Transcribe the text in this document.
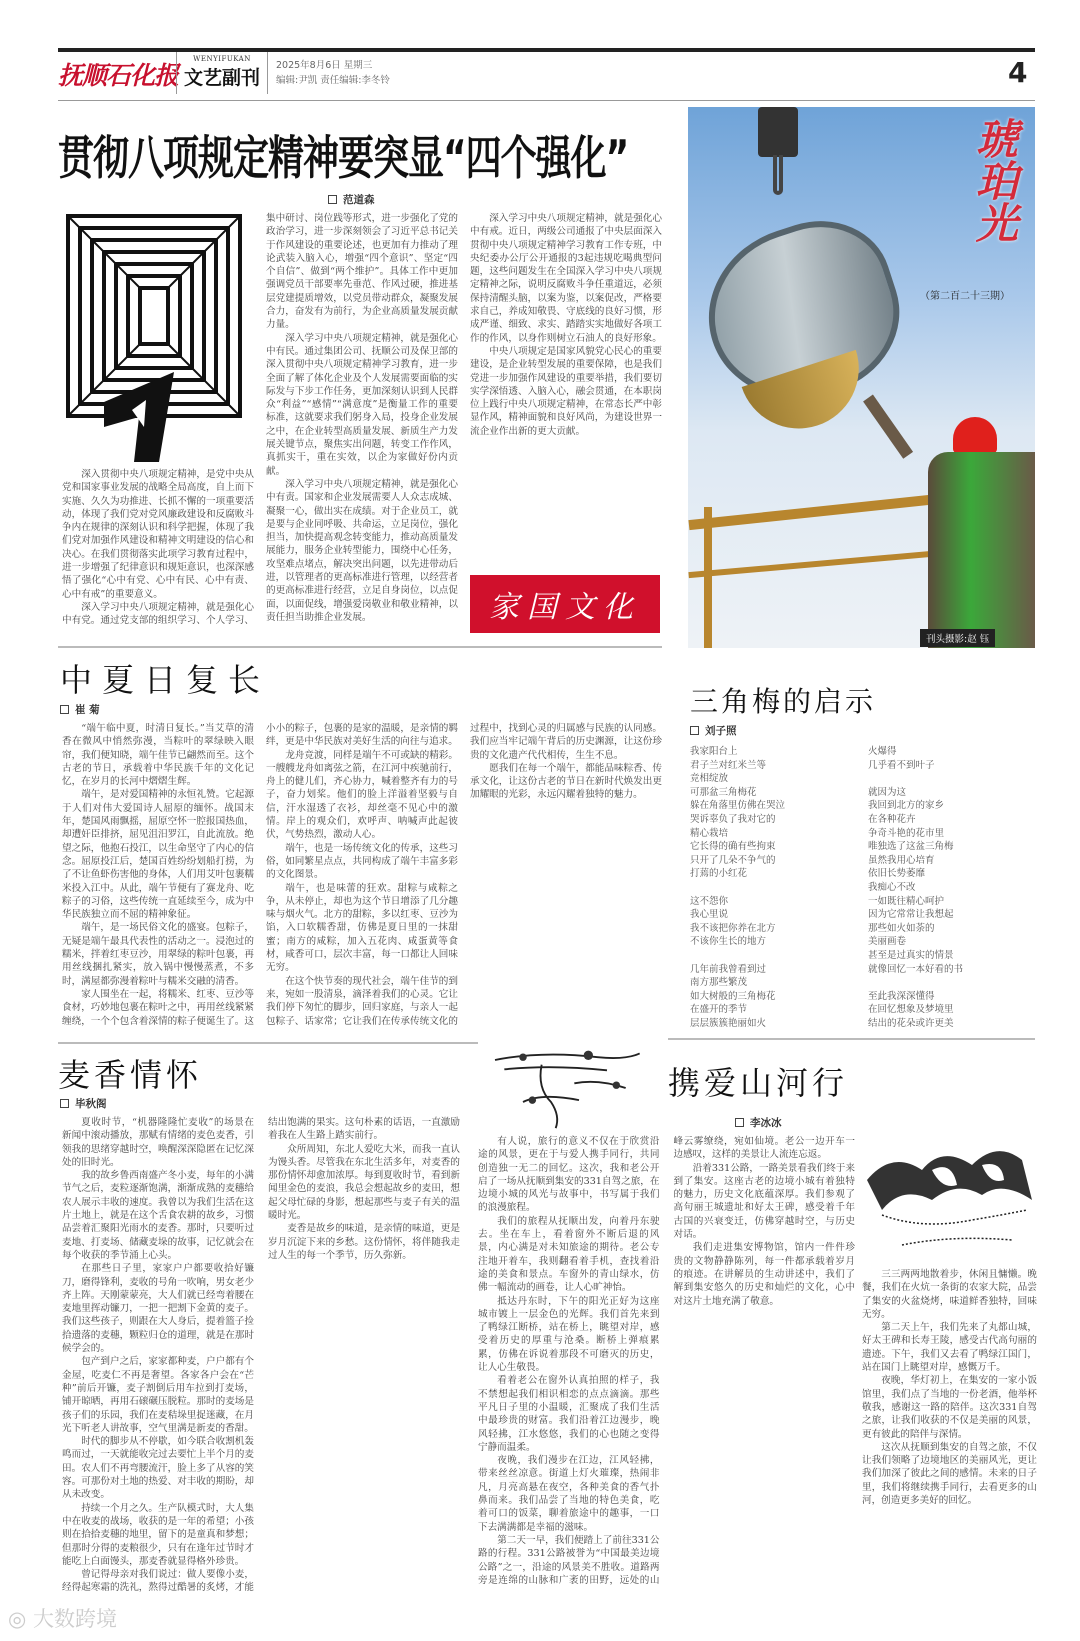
抚顺石化报
WENYIFUKAN
文艺副刊
2025年8月6日 星期三
编辑:尹凯 责任编辑:李冬铃	4
贯彻八项规定精神要突显“四个强化”
范道森

深入贯彻中央八项规定精神，是党中央从党和国家事业发展的战略全局高度，自上而下实施、久久为功推进、长抓不懈的一项重要活动，体现了我们党对党风廉政建设和反腐败斗争内在规律的深刻认识和科学把握，体现了我们党对加强作风建设和精神文明建设的信心和决心。在我们贯彻落实此项学习教育过程中，进一步增强了纪律意识和规矩意识，也深深感悟了强化“心中有党、心中有民、心中有责、心中有戒”的重要意义。

深入学习中央八项规定精神，就是强化心中有党。通过党支部的组织学习、个人学习、集中研讨、岗位践等形式，进一步强化了党的政治学习，进一步深刻领会了习近平总书记关于作风建设的重要论述，也更加有力推动了理论武装入脑入心，增强“四个意识”、坚定“四个自信”、做到“两个维护”。具体工作中更加强调党员干部要率先垂范、作风过硬，推进基层党建提质增效，以党员带动群众，凝聚发展合力，奋发有为前行，为企业高质量发展贡献力量。

深入学习中央八项规定精神，就是强化心中有民。通过集团公司、抚顺公司及保卫部的深入贯彻中央八项规定精神学习教育，进一步全面了解了体化企业及个人发展需要面临的实际发与下步工作任务，更加深刻认识到人民群众“利益”“感情”“满意度”是衡量工作的重要标准，这就要求我们躬身入局，投身企业发展之中，在企业转型高质量发展、新质生产力发展关键节点，聚焦实出问题，转变工作作风，真抓实干，重在实效，以企为家做好份内贡献。

深入学习中央八项规定精神，就是强化心中有责。国家和企业发展需要人人众志成城、凝聚一心，做出实在成绩。对于企业员工，就是要与企业同呼吸、共命运，立足岗位，强化担当，加快提高观念转变能力，推动高质量发展能力，服务企业转型能力，围绕中心任务，攻坚难点堵点，解决突出问题，以先进带动后进，以管理者的更高标准进行管理，以经营者的更高标准进行经营，立足自身岗位，以点促面，以面促线，增强爱岗敬业和敬业精神，以责任担当助推企业发展。

深入学习中央八项规定精神，就是强化心中有戒。近日，两级公司通报了中央层面深入贯彻中央八项规定精神学习教育工作专班，中央纪委办公厅公开通报的3起违规吃喝典型问题，这些问题发生在全国深入学习中央八项规定精神之际，说明反腐败斗争任重道远，必须保持清醒头脑，以案为鉴，以案促改，严格要求自己，养成知敬畏、守底线的良好习惯，形成严谨、细致、求实、踏踏实实地做好各项工作的作风，以身作则树立石油人的良好形象。

中央八项规定是国家风貌党心民心的重要建设，是企业转型发展的重要保障，也是我们党进一步加强作风建设的重要举措，我们要切实学深悟透、入脑入心，融会贯通，在本职岗位上践行中央八项规定精神，在常态长严中彰显作风，精神面貌和良好风尚，为建设世界一流企业作出新的更大贡献。

家国文化
琥珀光
（第二百二十三期）
刊头摄影:赵 钰
中夏日复长
崔 菊

“端午临中夏，时清日复长。”当艾草的清香在微风中悄然弥漫，当粽叶的翠绿映入眼帘，我们便知晓，端午佳节已翩然而至。这个古老的节日，承载着中华民族千年的文化记忆，在岁月的长河中熠熠生辉。

端午，是对爱国精神的永恒礼赞。它起源于人们对伟大爱国诗人屈原的缅怀。战国末年，楚国风雨飘摇，屈原空怀一腔报国热血，却遭奸臣排挤，屈见沮汨罗江，自此流放。绝望之际，他抱石投江，以生命坚守了内心的信念。屈原投江后，楚国百姓纷纷划船打捞，为了不让鱼虾伤害他的身体，人们用艾叶包裹糯米投入江中。从此，端午节便有了赛龙舟、吃粽子的习俗，这些传统一直延续至今，成为中华民族独立而不屈的精神象征。

端午，是一场民俗文化的盛宴。包粽子，无疑是端午最具代表性的活动之一。浸泡过的糯米，拌着红枣豆沙，用翠绿的粽叶包裹，再用丝线捆扎紧实，放入锅中慢慢蒸煮，不多时，满屋都弥漫着粽叶与糯米交融的清香。

家人围坐在一起，将糯米、红枣、豆沙等食材，巧妙地包裹在粽叶之中，再用丝线紧紧缠绕，一个个包含着深情的粽子便诞生了。这小小的粽子，包裹的是家的温暖，是亲情的羁绊，更是中华民族对美好生活的向往与追求。

龙舟竞渡，同样是端午不可或缺的精彩。一艘艘龙舟如离弦之箭，在江河中疾驰前行，舟上的健儿们，齐心协力，喊着整齐有力的号子，奋力划桨。他们的脸上洋溢着坚毅与自信，汗水湿透了衣衫，却丝毫不见心中的激情。岸上的观众们，欢呼声、呐喊声此起彼伏，气势热烈，激动人心。

端午，也是一场传统文化的传承，这些习俗，如同繁星点点，共同构成了端午丰富多彩的文化图景。

端午，也是味蕾的狂欢。甜粽与咸粽之争，从未停止，却也为这个节日增添了几分趣味与烟火气。北方的甜粽，多以红枣、豆沙为馅，入口软糯香甜，仿佛是夏日里的一抹甜蜜；南方的咸粽，加入五花肉、咸蛋黄等食材，咸香可口，层次丰富，每一口都让人回味无穷。

在这个快节奏的现代社会，端午佳节的到来，宛如一股清泉，滴泽着我们的心灵。它让我们停下匆忙的脚步，回归家庭，与亲人一起包粽子、话家常；它让我们在传承传统文化的过程中，找到心灵的归属感与民族的认同感。我们应当牢记端午背后的历史渊源，让这份珍贵的文化遗产代代相传，生生不息。

愿我们在每一个端午，都能品味粽香、传承文化，让这份古老的节日在新时代焕发出更加耀眼的光彩，永远闪耀着独特的魅力。

三角梅的启示
刘子照
我家阳台上
君子兰对红米兰等
竞相绽放
可那盆三角梅花
躲在角落里仿佛在哭泣
哭诉辜负了我对它的
精心栽培
它长得的确有些拘束
只开了几朵不争气的
打蔫的小红花
这不怨你
我心里说
我不该把你养在北方
不该你生长的地方
几年前我曾看到过
南方那些繁茂
如大树般的三角梅花
在盛开的季节
层层簇簇艳丽如火
火爆得
几乎看不到叶子
就因为这
我回到北方的家乡
在各种花卉
争奇斗艳的花市里
唯独选了这盆三角梅
虽然我用心培育
依旧长势萎靡
我痴心不改
一如既往精心呵护
因为它常常让我想起
那些如火如荼的
美丽画卷
甚至是过真实的情景
就像回忆一本好看的书
至此我深深懂得
在回忆想象及梦境里
结出的花朵或许更美
麦香情怀
毕秋阁

夏收时节，“机器隆隆忙麦收”的场景在新闻中滚动播放，那赋有情绪的麦色麦香，引领我的思绪穿越时空，唤醒深深隐匿在记忆深处的旧时光。

我的故乡鲁西南盛产冬小麦，每年的小满节气之后，麦粒逐渐饱满，渐渐成熟的麦穗给农人展示丰收的速度。我曾以为我们生活在这片土地上，就是在这个舌食农耕的故乡，习惯品尝着汇聚阳光雨水的麦香。那时，只要听过麦地、打麦场、储藏麦垛的故事，记忆就会在每个收获的季节涌上心头。

在那些日子里，家家户户都要收拾好镰刀，磨得锋利，麦收的号角一吹响，男女老少齐上阵。天刚蒙蒙亮，大人们就已经弯着腰在麦地里挥动镰刀，一把一把割下金黄的麦子。我们这些孩子，则跟在大人身后，提着篮子捡拾遗落的麦穗，颗粒归仓的道理，就是在那时候学会的。

包产到户之后，家家都种麦，户户都有个金屋，吃麦仁不再是奢望。各家各户会在“芒种”前后开镰，麦子割倒后用车拉到打麦场，铺开晾晒，再用石磙碾压脱粒。那时的麦场是孩子们的乐园，我们在麦秸垛里捉迷藏，在月光下听老人讲故事，空气里满是新麦的香甜。

时代的脚步从不停歇，如今联合收割机轰鸣而过，一天就能收完过去要忙上半个月的麦田。农人们不再弯腰流汗，脸上多了从容的笑容。可那份对土地的热爱、对丰收的期盼，却从未改变。

持续一个月之久。生产队模式时，大人集中在收麦的战场，收获的是一年的希望；小孩则在拾拾麦穗的地里，留下的是童真和梦想；但那时分得的麦粮很少，只有在逢年过节时才能吃上白面馒头，那麦香就显得格外珍贵。

曾记得母亲对我们说过：做人要像小麦，经得起寒霜的洗礼，熬得过酷暑的炙烤，才能结出饱满的果实。这句朴素的话语，一直激励着我在人生路上踏实前行。

众所周知，东北人爱吃大米，而我一直认为馒头香。尽管我在东北生活多年，对麦香的那份情怀却愈加浓厚。每到夏收时节，看到新闻里金色的麦浪，我总会想起故乡的麦田，想起父母忙碌的身影，想起那些与麦子有关的温暖时光。

麦香是故乡的味道，是亲情的味道，更是岁月沉淀下来的乡愁。这份情怀，将伴随我走过人生的每一个季节，历久弥新。

携爱山河行
李冰冰

有人说，旅行的意义不仅在于欣赏沿途的风景，更在于与爱人携手同行，共同创造独一无二的回忆。这次，我和老公开启了一场从抚顺到集安的331自驾之旅，在边境小城的风光与故事中，书写属于我们的浪漫旅程。

我们的旅程从抚顺出发，向着丹东驶去。坐在车上，看着窗外不断后退的风景，内心满是对未知旅途的期待。老公专注地开着车，我则翻看着手机，查找着沿途的美食和景点。车窗外的青山绿水，仿佛一幅流动的画卷，让人心旷神怡。

抵达丹东时，下午的阳光正好为这座城市镀上一层金色的光辉。我们首先来到了鸭绿江断桥，站在桥上，眺望对岸，感受着历史的厚重与沧桑。断桥上弹痕累累，仿佛在诉说着那段不可磨灭的历史，让人心生敬畏。

看着老公在窗外认真拍照的样子，我不禁想起我们相识相恋的点点滴滴。那些平凡日子里的小温暖，汇聚成了我们生活中最珍贵的财富。我们沿着江边漫步，晚风轻拂，江水悠悠，我们的心也随之变得宁静而温柔。

夜晚，我们漫步在江边，江风轻拂，带来丝丝凉意。街道上灯火璀璨，热闹非凡，月亮高悬在夜空，各种美食的香气扑鼻而来。我们品尝了当地的特色美食，吃着可口的饭菜，聊着旅途中的趣事，一口下去满满都是幸福的滋味。

第二天一早，我们便踏上了前往331公路的行程。331公路被誉为“中国最美边境公路”之一，沿途的风景美不胜收。道路两旁是连绵的山脉和广袤的田野，远处的山峰云雾缭绕，宛如仙境。老公一边开车一边感叹，这样的美景让人流连忘返。

沿着331公路，一路美景看我们终于来到了集安。这座古老的边境小城有着独特的魅力，历史文化底蕴深厚。我们参观了高句丽王城遗址和好太王碑，感受着千年古国的兴衰变迁，仿佛穿越时空，与历史对话。

我们走进集安博物馆，馆内一件件珍贵的文物静静陈列，每一件都承载着岁月的痕迹。在讲解员的生动讲述中，我们了解到集安悠久的历史和灿烂的文化，心中对这片土地充满了敬意。

三三两两地散着步，休闲且慵懒。晚餐，我们在火炕一条街的农家大院，品尝了集安的火盆烧烤，味道鲜香独特，回味无穷。

第二天上午，我们先来了丸都山城，好太王碑和长寿王陵，感受古代高句丽的遗迹。下午，我们又去看了鸭绿江国门，站在国门上眺望对岸，感慨万千。

夜晚，华灯初上，在集安的一家小饭馆里，我们点了当地的一份老酒，他举杯敬我，感谢这一路的陪伴。这次331自驾之旅，让我们收获的不仅是美丽的风景，更有彼此的陪伴与深情。

这次从抚顺到集安的自驾之旅，不仅让我们领略了边境地区的美丽风光，更让我们加深了彼此之间的感情。未来的日子里，我们将继续携手同行，去看更多的山河，创造更多美好的回忆。

◎ 大数跨境
